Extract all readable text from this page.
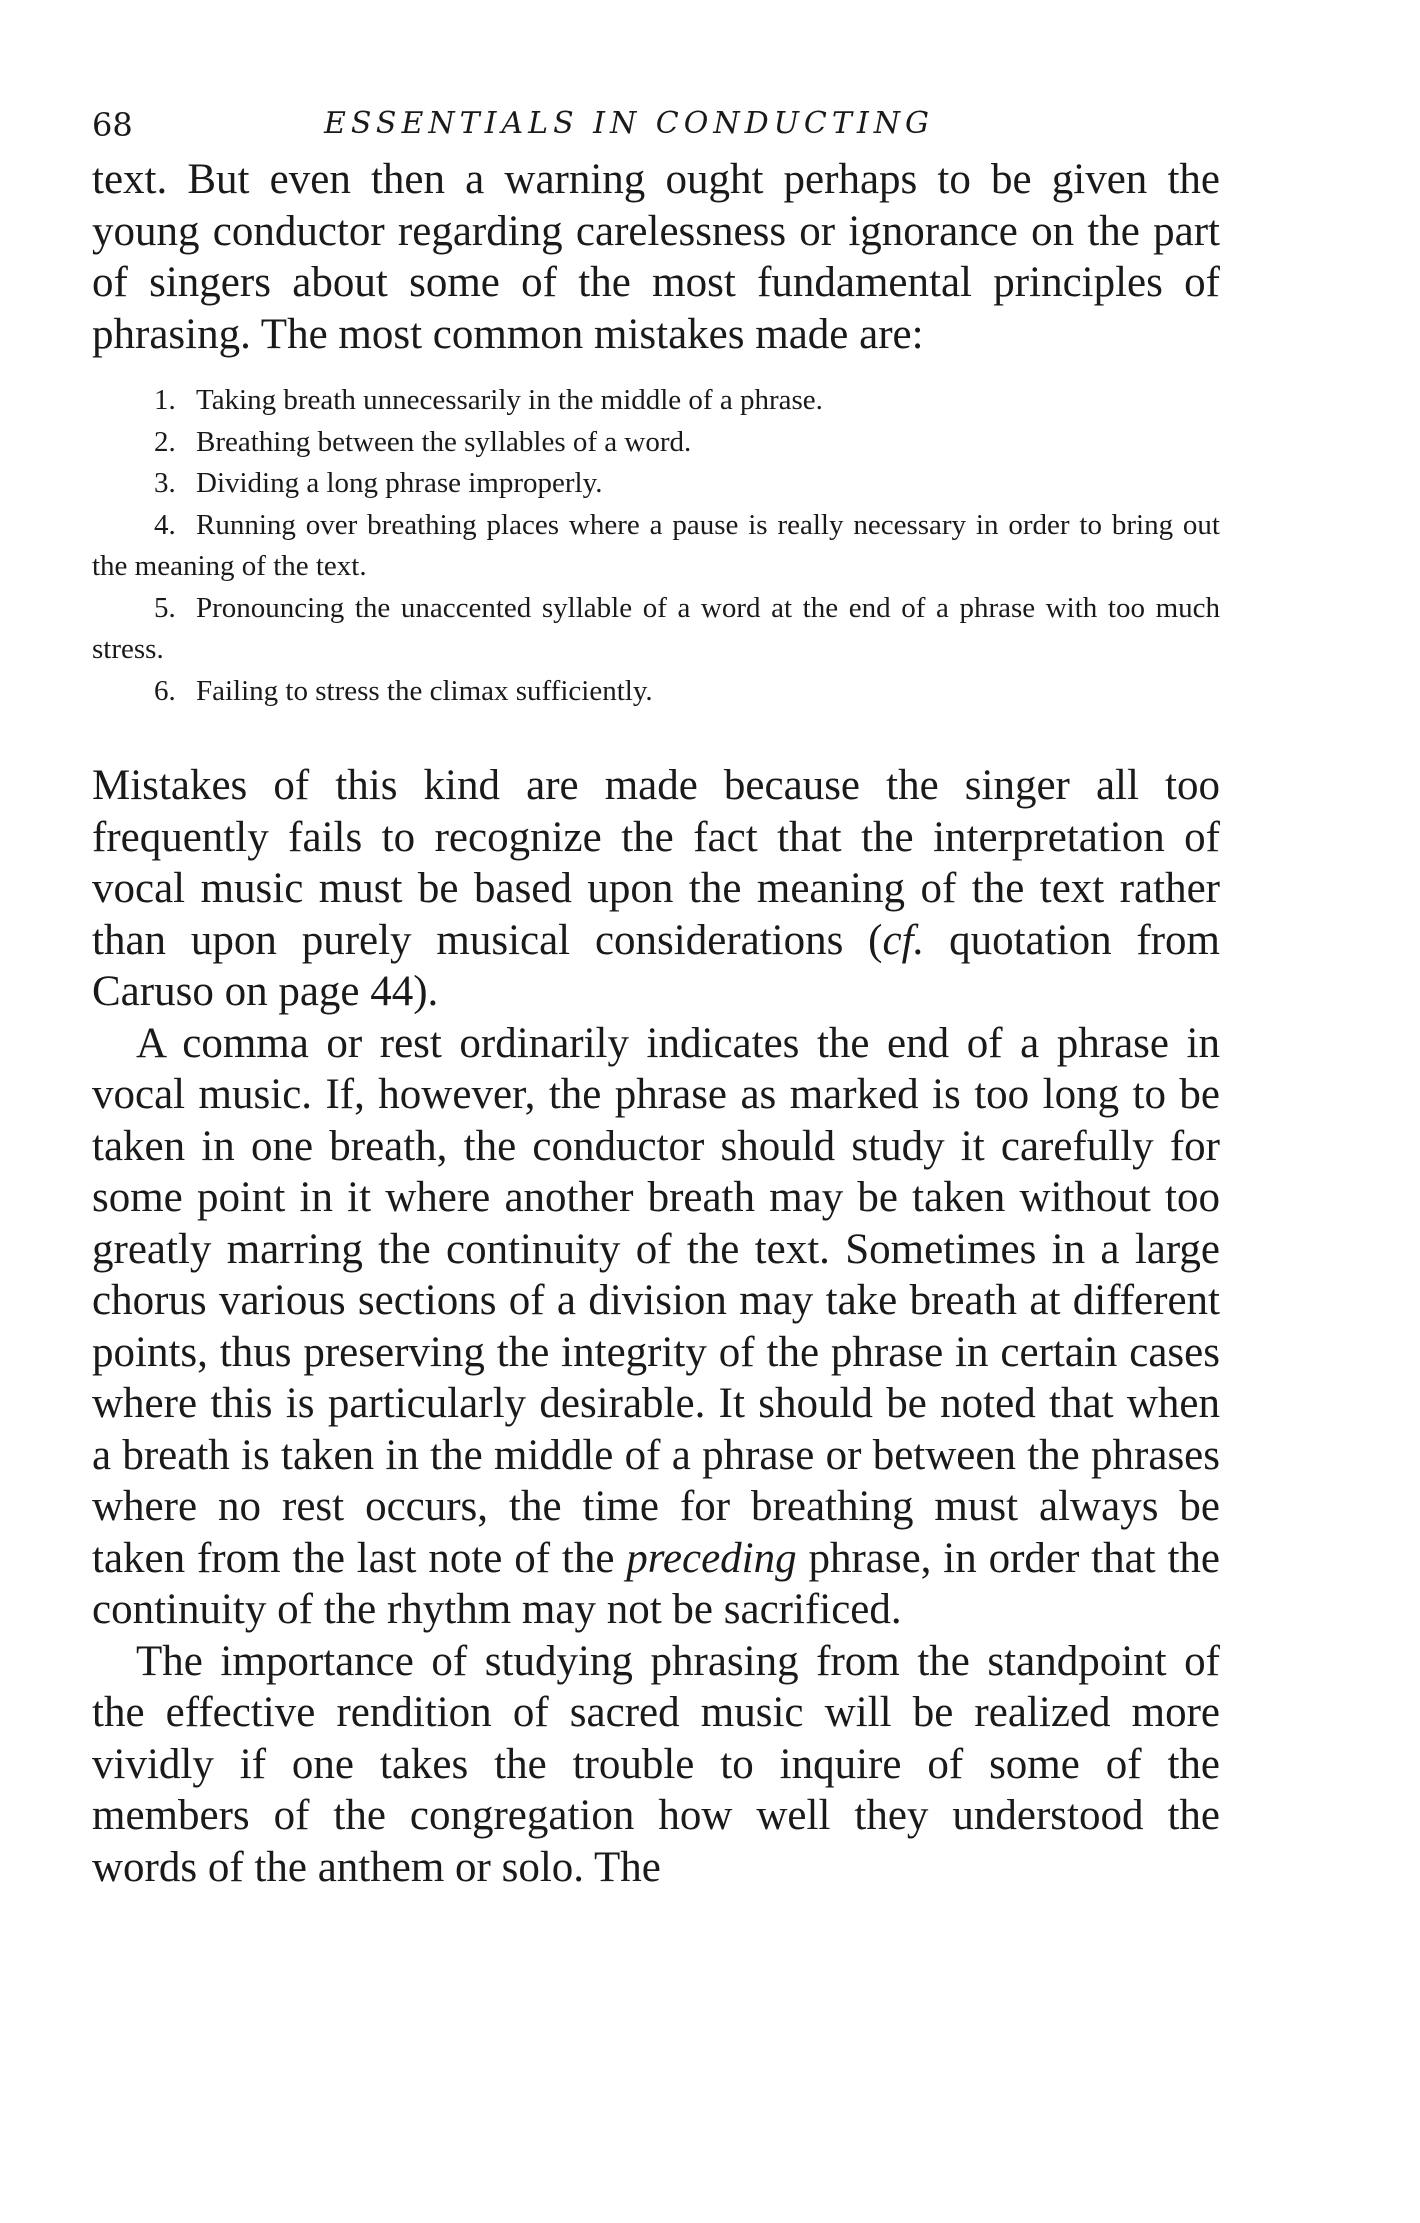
68	ESSENTIALS IN CONDUCTING

text. But even then a warning ought perhaps to be given the young conductor regarding carelessness or ignorance on the part of singers about some of the most fundamental principles of phrasing. The most common mistakes made are:

1. Taking breath unnecessarily in the middle of a phrase.
2. Breathing between the syllables of a word.
3. Dividing a long phrase improperly.
4. Running over breathing places where a pause is really necessary in order to bring out the meaning of the text.
5. Pronouncing the unaccented syllable of a word at the end of a phrase with too much stress.
6. Failing to stress the climax sufficiently.

Mistakes of this kind are made because the singer all too frequently fails to recognize the fact that the interpretation of vocal music must be based upon the meaning of the text rather than upon purely musical considerations (cf. quotation from Caruso on page 44).

A comma or rest ordinarily indicates the end of a phrase in vocal music. If, however, the phrase as marked is too long to be taken in one breath, the conductor should study it carefully for some point in it where another breath may be taken without too greatly marring the continuity of the text. Sometimes in a large chorus various sections of a division may take breath at different points, thus preserving the integrity of the phrase in certain cases where this is particularly desirable. It should be noted that when a breath is taken in the middle of a phrase or between the phrases where no rest occurs, the time for breathing must always be taken from the last note of the preceding phrase, in order that the continuity of the rhythm may not be sacrificed.

The importance of studying phrasing from the standpoint of the effective rendition of sacred music will be realized more vividly if one takes the trouble to inquire of some of the members of the congregation how well they understood the words of the anthem or solo. The
